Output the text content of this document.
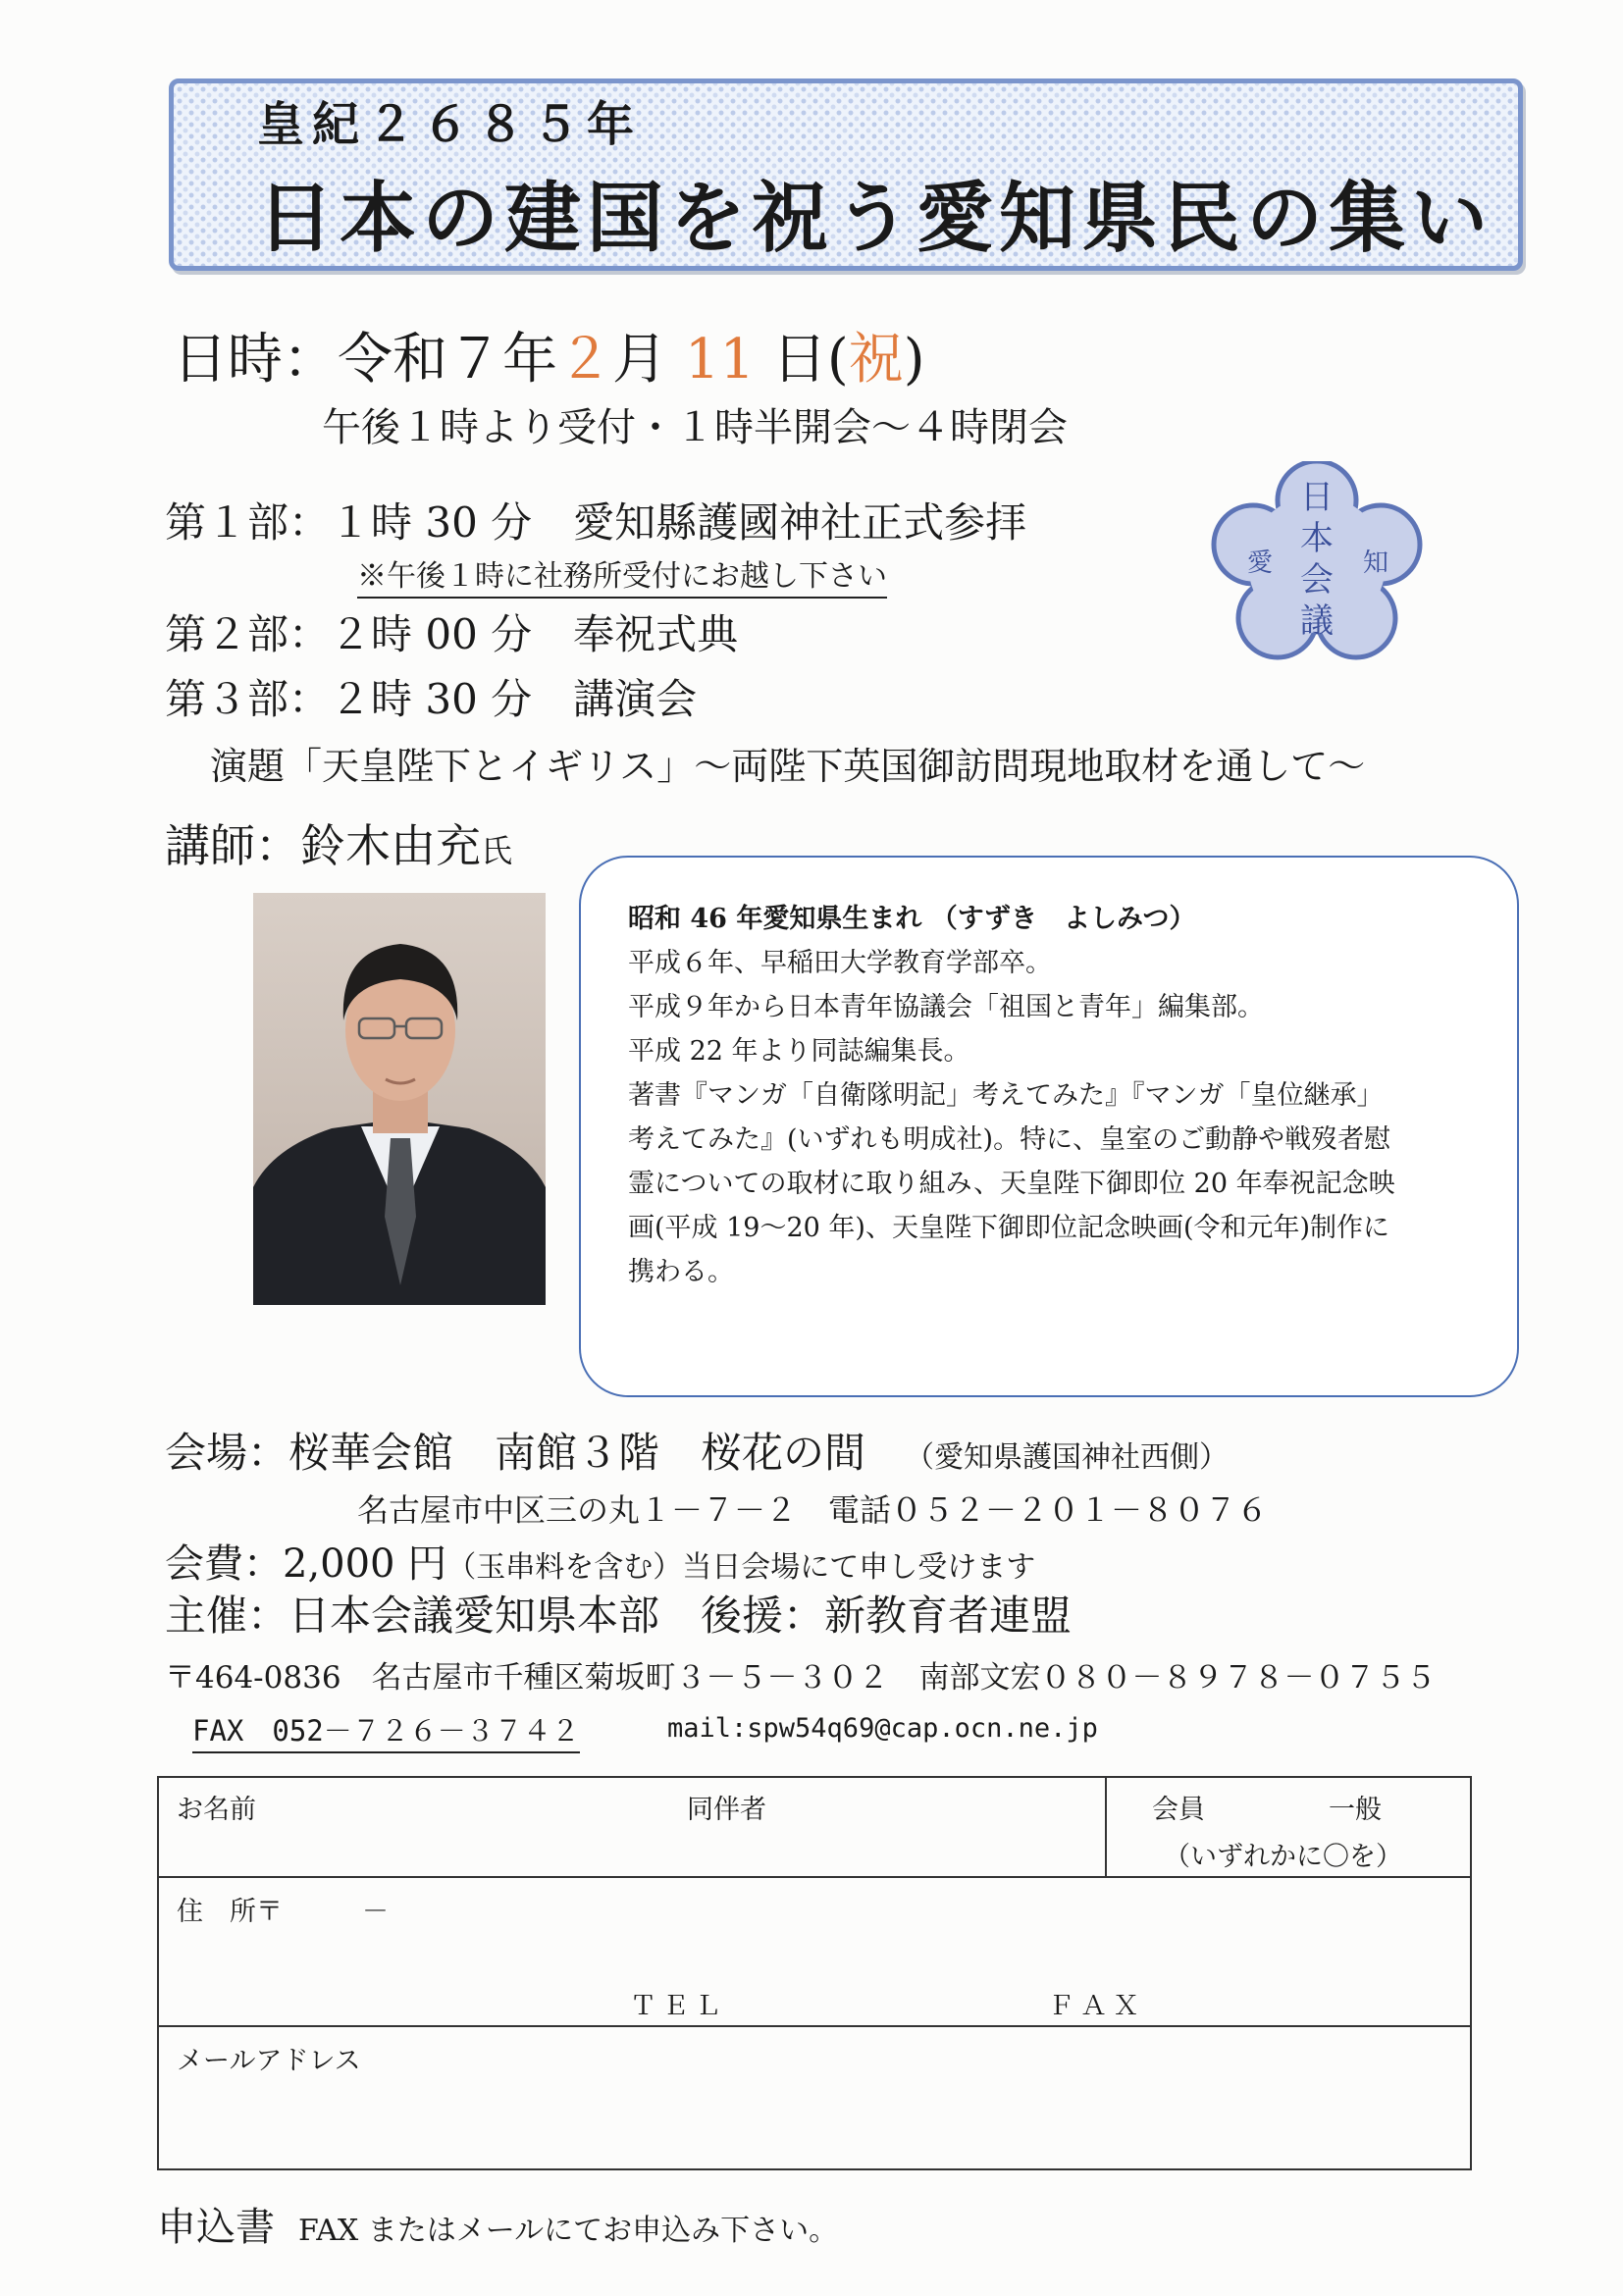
皇紀２６８５年
日本の建国を祝う愛知県民の集い
日時：令和７年２月 11 日(祝)
午後１時より受付・１時半開会～４時閉会
第１部：１時 30 分　愛知縣護國神社正式参拝
※午後１時に社務所受付にお越し下さい
第２部：２時 00 分　奉祝式典
第３部：２時 30 分　講演会
演題「天皇陛下とイギリス」～両陛下英国御訪問現地取材を通して～
日
本
会
議
愛	知
講師：鈴木由充氏

昭和 46 年愛知県生まれ （すずき　よしみつ）

平成６年、早稲田大学教育学部卒。

平成９年から日本青年協議会「祖国と青年」編集部。

平成 22 年より同誌編集長。

著書『マンガ「自衛隊明記」考えてみた』『マンガ「皇位継承」

考えてみた』(いずれも明成社)。特に、皇室のご動静や戦歿者慰

霊についての取材に取り組み、天皇陛下御即位 20 年奉祝記念映

画(平成 19～20 年)、天皇陛下御即位記念映画(令和元年)制作に

携わる。

会場：桜華会館　南館３階　桜花の間 （愛知県護国神社西側）
名古屋市中区三の丸１－７－２　電話０５２－２０１－８０７６
会費：2,000 円（玉串料を含む）当日会場にて申し受けます
主催：日本会議愛知県本部　後援：新教育者連盟
〒464-0836　名古屋市千種区菊坂町３－５－３０２　南部文宏０８０－８９７８－０７５５
FAX　052－７２６－３７４２	mail:spw54q69@cap.ocn.ne.jp
お名前	同伴者	会員	一般
（いずれかに〇を）
住　所〒　　　－
ＴＥＬ	ＦＡＸ
メールアドレス
申込書 FAX またはメールにてお申込み下さい。
